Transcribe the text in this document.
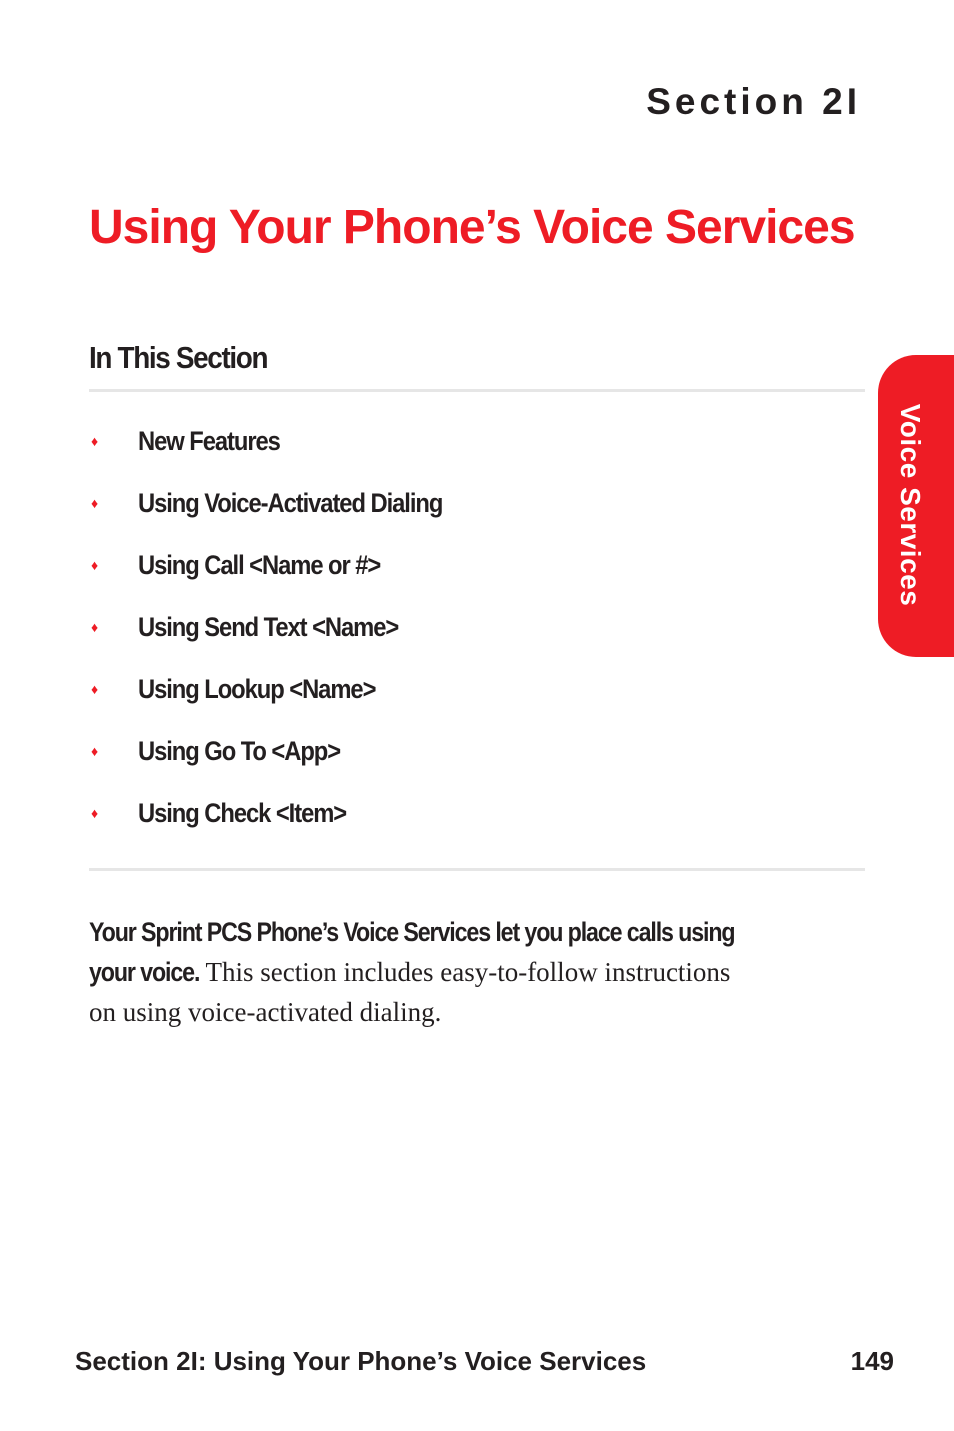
Section 2I
Using Your Phone’s Voice Services
In This Section
♦	New Features
♦	Using Voice-Activated Dialing
♦	Using Call <Name or #>
♦	Using Send Text <Name>
♦	Using Lookup <Name>
♦	Using Go To <App>
♦	Using Check <Item>

Your Sprint PCS Phone’s Voice Services let you place calls using
your voice. This section includes easy-to-follow instructions
on using voice-activated dialing.

Voice Services
Section 2I: Using Your Phone’s Voice Services	149
